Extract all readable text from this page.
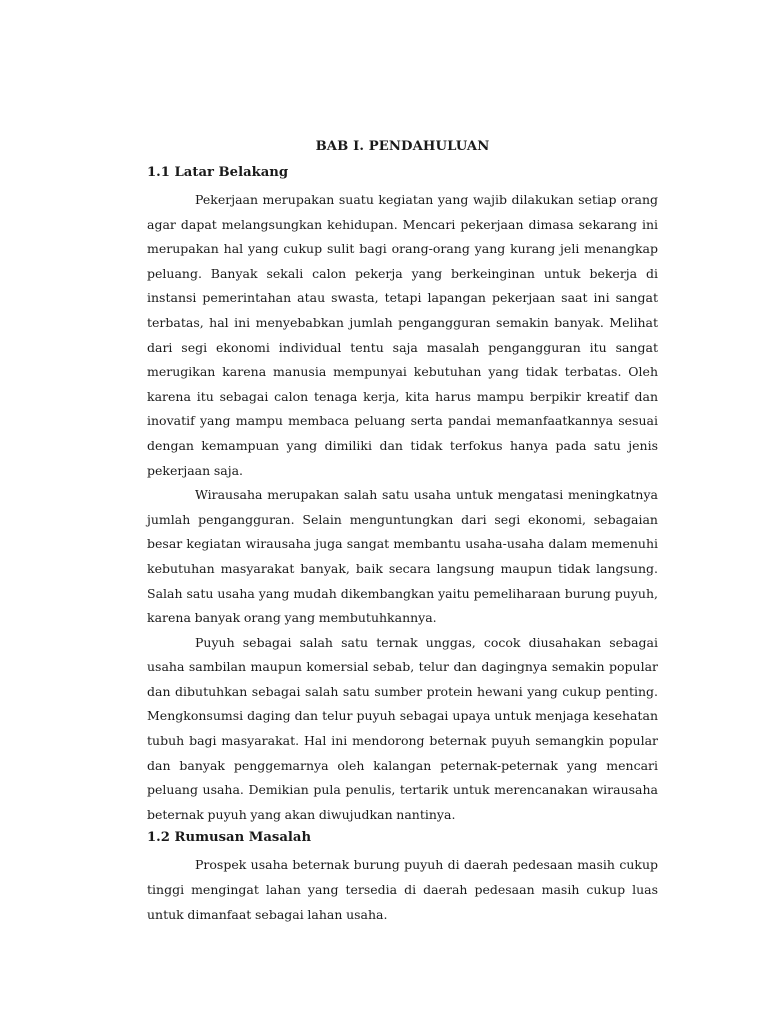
BAB I. PENDAHULUAN
1.1 Latar Belakang

Pekerjaan merupakan suatu kegiatan yang wajib dilakukan setiap orang agar dapat melangsungkan kehidupan. Mencari pekerjaan dimasa sekarang ini merupakan hal yang cukup sulit bagi orang-orang yang kurang jeli menangkap peluang. Banyak sekali calon pekerja yang berkeinginan untuk bekerja di instansi pemerintahan atau swasta, tetapi lapangan pekerjaan saat ini sangat terbatas, hal ini menyebabkan jumlah pengangguran semakin banyak. Melihat dari segi ekonomi individual tentu saja masalah pengangguran itu sangat merugikan karena manusia mempunyai kebutuhan yang tidak terbatas. Oleh karena itu sebagai calon tenaga kerja, kita harus mampu berpikir kreatif dan inovatif yang mampu membaca peluang serta pandai memanfaatkannya sesuai dengan kemampuan yang dimiliki dan tidak terfokus hanya pada satu jenis pekerjaan saja.

Wirausaha merupakan salah satu usaha untuk mengatasi meningkatnya jumlah pengangguran. Selain menguntungkan dari segi ekonomi, sebagaian besar kegiatan wirausaha juga sangat membantu usaha-usaha dalam memenuhi kebutuhan masyarakat banyak, baik secara langsung maupun tidak langsung. Salah satu usaha yang mudah dikembangkan yaitu pemeliharaan burung puyuh, karena banyak orang yang membutuhkannya.

Puyuh sebagai salah satu ternak unggas, cocok diusahakan sebagai usaha sambilan maupun komersial sebab, telur dan dagingnya semakin popular dan dibutuhkan sebagai salah satu sumber protein hewani yang cukup penting. Mengkonsumsi daging dan telur puyuh sebagai upaya untuk menjaga kesehatan tubuh bagi masyarakat. Hal ini mendorong beternak puyuh semangkin popular dan banyak penggemarnya oleh kalangan peternak-peternak yang mencari peluang usaha. Demikian pula penulis, tertarik untuk merencanakan wirausaha beternak puyuh yang akan diwujudkan nantinya.

1.2 Rumusan Masalah

Prospek usaha beternak burung puyuh di daerah pedesaan masih cukup tinggi mengingat lahan yang tersedia di daerah pedesaan masih cukup luas untuk dimanfaat sebagai lahan usaha.
